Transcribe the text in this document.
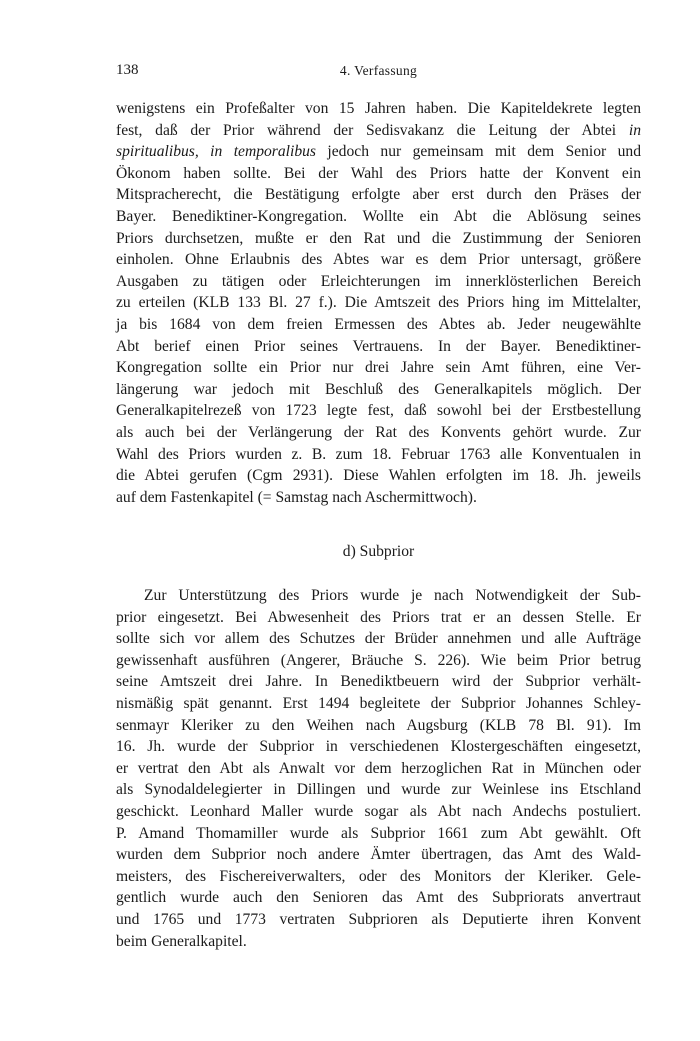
138	4. Verfassung
wenigstens ein Profeßalter von 15 Jahren haben. Die Kapiteldekrete legten
fest, daß der Prior während der Sedisvakanz die Leitung der Abtei in
spiritualibus, in temporalibus jedoch nur gemeinsam mit dem Senior und
Ökonom haben sollte. Bei der Wahl des Priors hatte der Konvent ein
Mitspracherecht, die Bestätigung erfolgte aber erst durch den Präses der
Bayer. Benediktiner-Kongregation. Wollte ein Abt die Ablösung seines
Priors durchsetzen, mußte er den Rat und die Zustimmung der Senioren
einholen. Ohne Erlaubnis des Abtes war es dem Prior untersagt, größere
Ausgaben zu tätigen oder Erleichterungen im innerklösterlichen Bereich
zu erteilen (KLB 133 Bl. 27 f.). Die Amtszeit des Priors hing im Mittelalter,
ja bis 1684 von dem freien Ermessen des Abtes ab. Jeder neugewählte
Abt berief einen Prior seines Vertrauens. In der Bayer. Benediktiner-
Kongregation sollte ein Prior nur drei Jahre sein Amt führen, eine Ver-
längerung war jedoch mit Beschluß des Generalkapitels möglich. Der
Generalkapitelrezeß von 1723 legte fest, daß sowohl bei der Erstbestellung
als auch bei der Verlängerung der Rat des Konvents gehört wurde. Zur
Wahl des Priors wurden z. B. zum 18. Februar 1763 alle Konventualen in
die Abtei gerufen (Cgm 2931). Diese Wahlen erfolgten im 18. Jh. jeweils
auf dem Fastenkapitel (= Samstag nach Aschermittwoch).
d) Subprior
Zur Unterstützung des Priors wurde je nach Notwendigkeit der Sub-
prior eingesetzt. Bei Abwesenheit des Priors trat er an dessen Stelle. Er
sollte sich vor allem des Schutzes der Brüder annehmen und alle Aufträge
gewissenhaft ausführen (Angerer, Bräuche S. 226). Wie beim Prior betrug
seine Amtszeit drei Jahre. In Benediktbeuern wird der Subprior verhält-
nismäßig spät genannt. Erst 1494 begleitete der Subprior Johannes Schley-
senmayr Kleriker zu den Weihen nach Augsburg (KLB 78 Bl. 91). Im
16. Jh. wurde der Subprior in verschiedenen Klostergeschäften eingesetzt,
er vertrat den Abt als Anwalt vor dem herzoglichen Rat in München oder
als Synodaldelegierter in Dillingen und wurde zur Weinlese ins Etschland
geschickt. Leonhard Maller wurde sogar als Abt nach Andechs postuliert.
P. Amand Thomamiller wurde als Subprior 1661 zum Abt gewählt. Oft
wurden dem Subprior noch andere Ämter übertragen, das Amt des Wald-
meisters, des Fischereiverwalters, oder des Monitors der Kleriker. Gele-
gentlich wurde auch den Senioren das Amt des Subpriorats anvertraut
und 1765 und 1773 vertraten Subprioren als Deputierte ihren Konvent
beim Generalkapitel.
